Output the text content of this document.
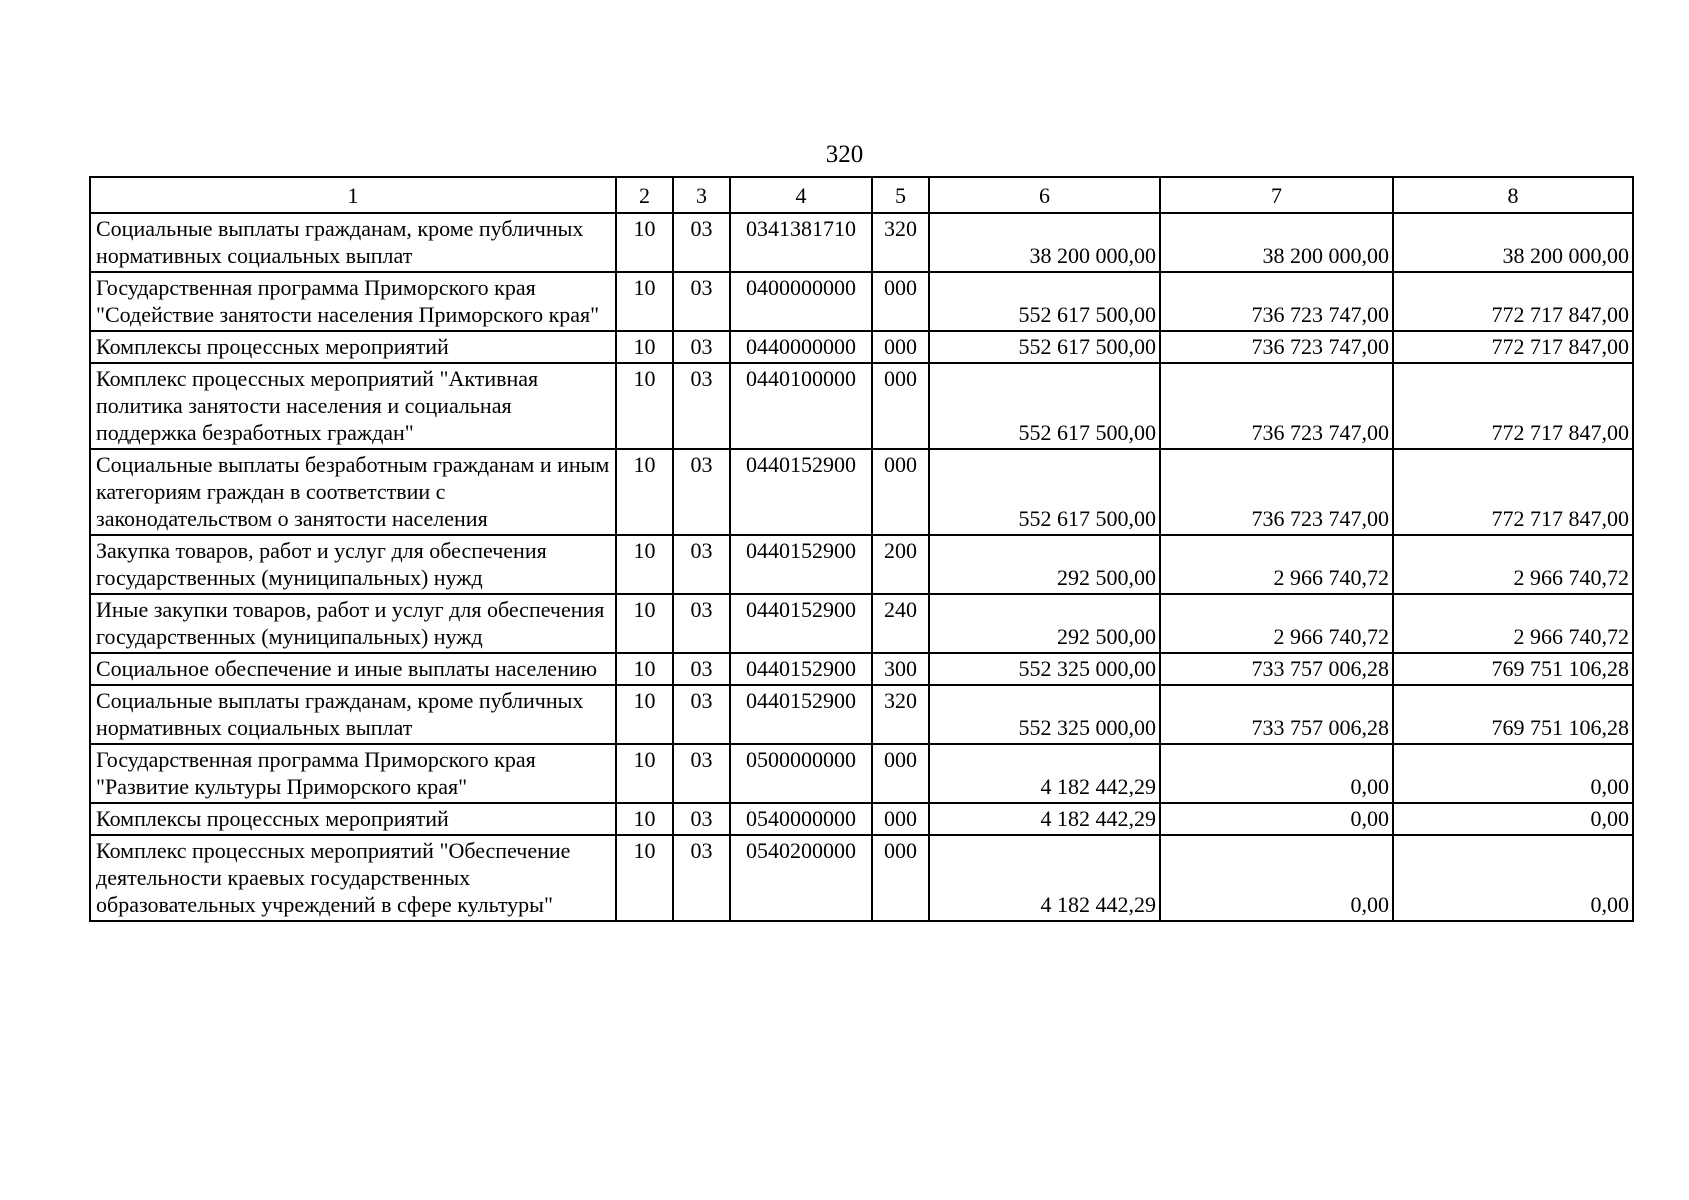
320
1	2	3	4	5	6	7	8
Социальные выплаты гражданам, кроме публичных нормативных социальных выплат	10	03	0341381710	320	38 200 000,00	38 200 000,00	38 200 000,00
Государственная программа Приморского края "Содействие занятости населения Приморского края"	10	03	0400000000	000	552 617 500,00	736 723 747,00	772 717 847,00
Комплексы процессных мероприятий	10	03	0440000000	000	552 617 500,00	736 723 747,00	772 717 847,00
Комплекс процессных мероприятий "Активная политика занятости населения и социальная поддержка безработных граждан"	10	03	0440100000	000	552 617 500,00	736 723 747,00	772 717 847,00
Социальные выплаты безработным гражданам и иным категориям граждан в соответствии с законодательством о занятости населения	10	03	0440152900	000	552 617 500,00	736 723 747,00	772 717 847,00
Закупка товаров, работ и услуг для обеспечения государственных (муниципальных) нужд	10	03	0440152900	200	292 500,00	2 966 740,72	2 966 740,72
Иные закупки товаров, работ и услуг для обеспечения государственных (муниципальных) нужд	10	03	0440152900	240	292 500,00	2 966 740,72	2 966 740,72
Социальное обеспечение и иные выплаты населению	10	03	0440152900	300	552 325 000,00	733 757 006,28	769 751 106,28
Социальные выплаты гражданам, кроме публичных нормативных социальных выплат	10	03	0440152900	320	552 325 000,00	733 757 006,28	769 751 106,28
Государственная программа Приморского края "Развитие культуры Приморского края"	10	03	0500000000	000	4 182 442,29	0,00	0,00
Комплексы процессных мероприятий	10	03	0540000000	000	4 182 442,29	0,00	0,00
Комплекс процессных мероприятий "Обеспечение деятельности краевых государственных образовательных учреждений в сфере культуры"	10	03	0540200000	000	4 182 442,29	0,00	0,00
